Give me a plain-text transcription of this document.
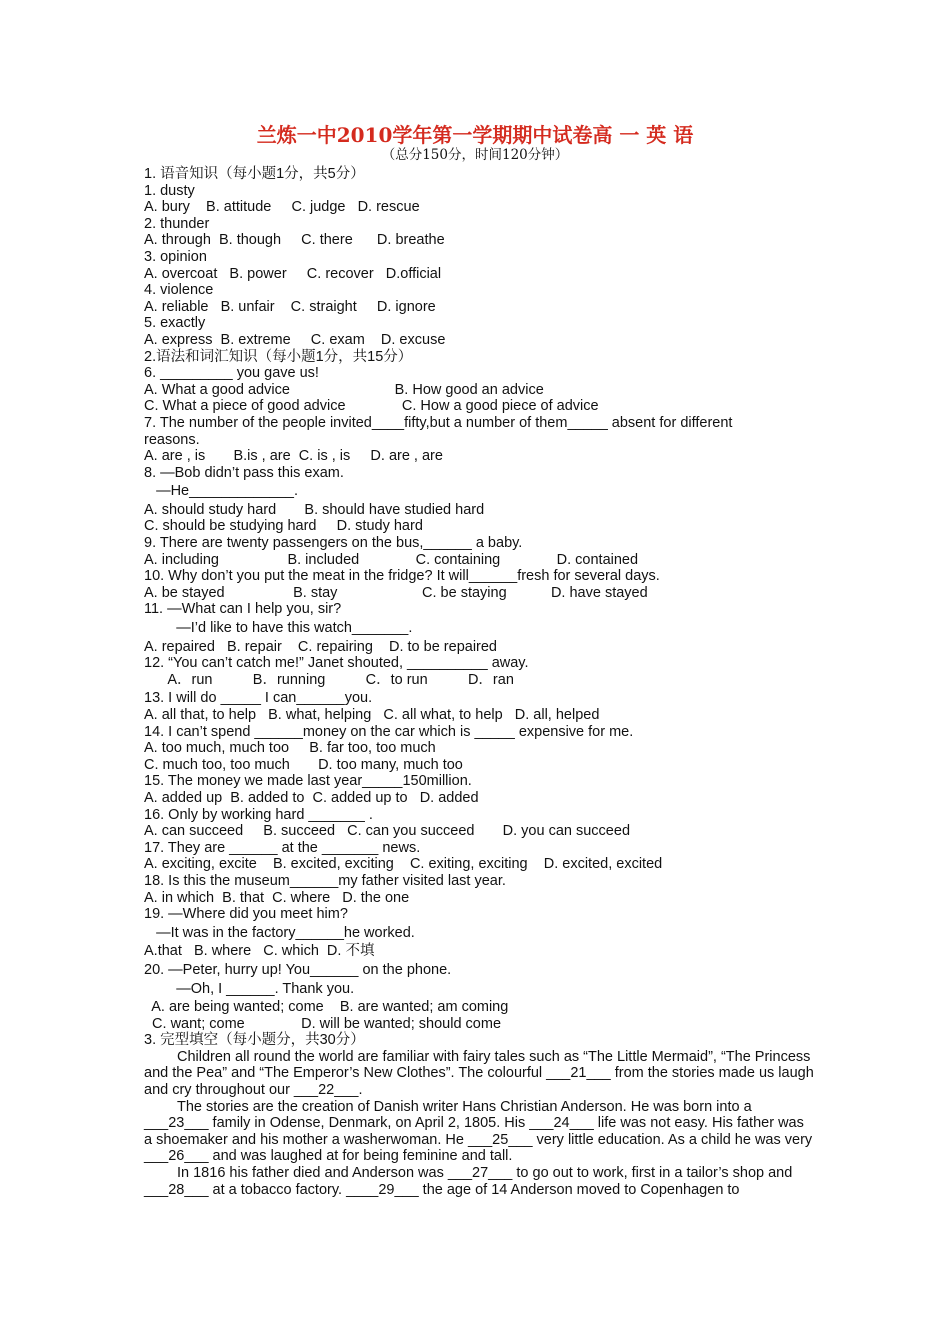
兰炼一中2010学年第一学期期中试卷高 一 英 语
（总分150分，时间120分钟）
1. 语音知识（每小题1分，共5分）
1. dusty
A. bury    B. attitude     C. judge   D. rescue
2. thunder
A. through  B. though     C. there      D. breathe
3. opinion
A. overcoat   B. power     C. recover   D.official
4. violence
A. reliable   B. unfair    C. straight     D. ignore
5. exactly
A. express  B. extreme     C. exam    D. excuse
2.语法和词汇知识（每小题1分，共15分）
6. _________ you gave us!
A. What a good advice                          B. How good an advice
C. What a piece of good advice              C. How a good piece of advice
7. The number of the people invited____fifty,but a number of them_____ absent for different
reasons.
A. are , is       B.is , are  C. is , is     D. are , are
8. —Bob didn’t pass this exam.
—He_____________.
A. should study hard       B. should have studied hard
C. should be studying hard     D. study hard
9. There are twenty passengers on the bus,______ a baby.
A. including                 B. included              C. containing              D. contained
10. Why don’t you put the meat in the fridge? It will______fresh for several days.
A. be stayed                 B. stay                     C. be staying           D. have stayed
11. —What can I help you, sir?
—I’d like to have this watch_______.
A. repaired   B. repair    C. repairing    D. to be repaired
12. “You can’t catch me!” Janet shouted, __________ away.
A．run          B．running          C．to run          D．ran
13. I will do _____ I can______you.
A. all that, to help   B. what, helping   C. all what, to help   D. all, helped
14. I can’t spend ______money on the car which is _____ expensive for me.
A. too much, much too     B. far too, too much
C. much too, too much       D. too many, much too
15. The money we made last year_____150million.
A. added up  B. added to  C. added up to   D. added
16. Only by working hard _______ .
A. can succeed     B. succeed   C. can you succeed       D. you can succeed
17. They are ______ at the _______ news.
A. exciting, excite    B. excited, exciting    C. exiting, exciting    D. excited, excited
18. Is this the museum______my father visited last year.
A. in which  B. that  C. where   D. the one
19. —Where did you meet him?
—It was in the factory______he worked.
A.that   B. where   C. which  D. 不填
20. —Peter, hurry up! You______ on the phone.
—Oh, I ______. Thank you.
A. are being wanted; come    B. are wanted; am coming
C. want; come              D. will be wanted; should come
3. 完型填空（每小题分，共30分）
Children all round the world are familiar with fairy tales such as “The Little Mermaid”, “The Princess and the Pea” and “The Emperor’s New Clothes”. The colourful ___21___ from the stories made us laugh and cry throughout our ___22___.
The stories are the creation of Danish writer Hans Christian Anderson. He was born into a ___23___ family in Odense, Denmark, on April 2, 1805. His ___24___ life was not easy. His father was a shoemaker and his mother a washerwoman. He ___25___ very little education. As a child he was very ___26___ and was laughed at for being feminine and tall.
In 1816 his father died and Anderson was ___27___ to go out to work, first in a tailor’s shop and ___28___ at a tobacco factory. ____29___ the age of 14 Anderson moved to Copenhagen to
